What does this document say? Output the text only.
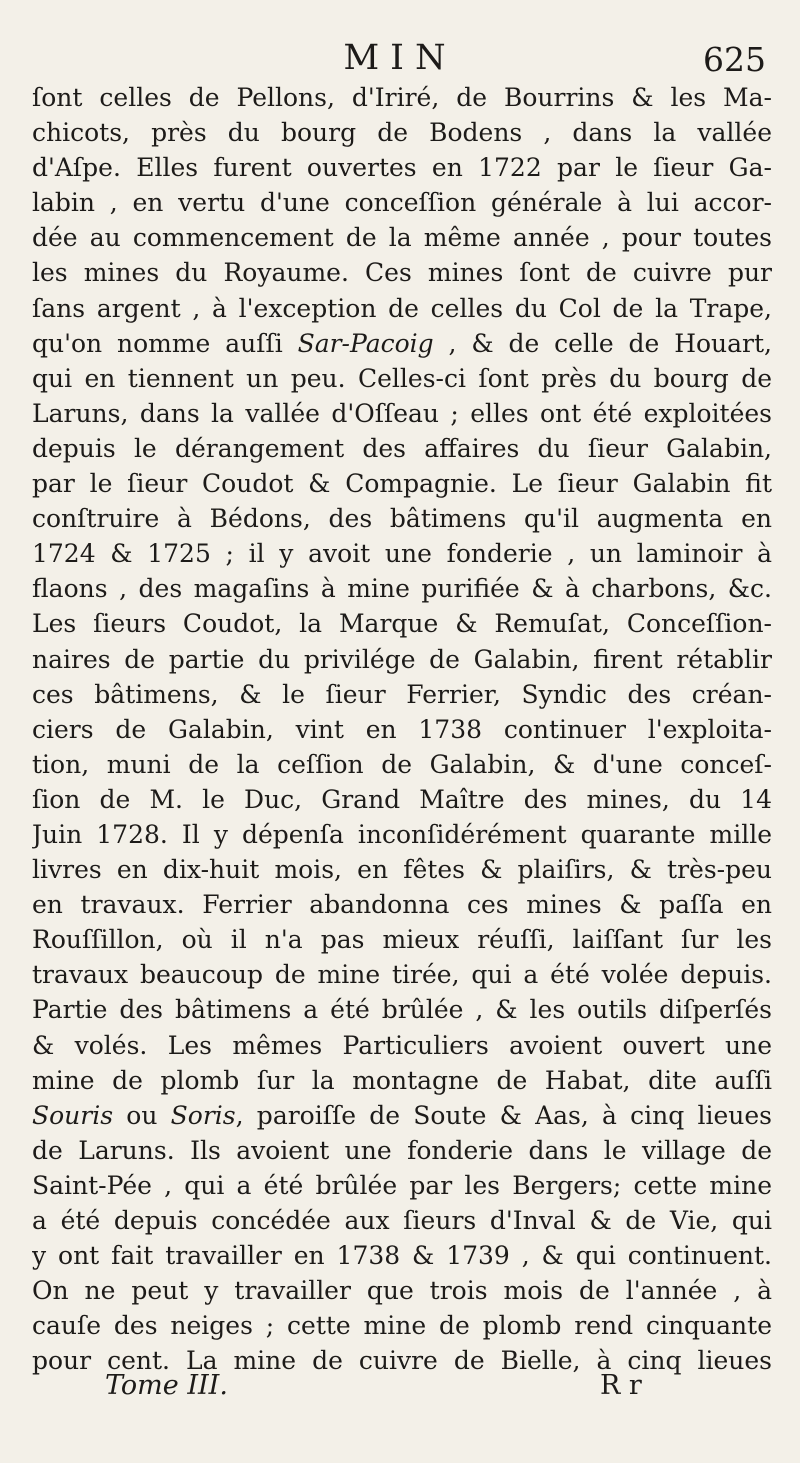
MIN	625
ſont celles de Pellons, d'Iriré, de Bourrins & les Ma-
chicots, près du bourg de Bodens , dans la vallée
d'Aſpe. Elles furent ouvertes en 1722 par le ſieur Ga-
labin , en vertu d'une conceſſion générale à lui accor-
dée au commencement de la même année , pour toutes
les mines du Royaume. Ces mines ſont de cuivre pur
ſans argent , à l'exception de celles du Col de la Trape,
qu'on nomme auſſi Sar-Pacoig , & de celle de Houart,
qui en tiennent un peu. Celles-ci ſont près du bourg de
Laruns, dans la vallée d'Oſſeau ; elles ont été exploitées
depuis le dérangement des affaires du ſieur Galabin,
par le ſieur Coudot & Compagnie. Le ſieur Galabin fit
conſtruire à Bédons, des bâtimens qu'il augmenta en
1724 & 1725 ; il y avoit une fonderie , un laminoir à
flaons , des magaſins à mine purifiée & à charbons, &c.
Les ſieurs Coudot, la Marque & Remuſat, Conceſſion-
naires de partie du privilége de Galabin, firent rétablir
ces bâtimens, & le ſieur Ferrier, Syndic des créan-
ciers de Galabin, vint en 1738 continuer l'exploita-
tion, muni de la ceſſion de Galabin, & d'une conceſ-
ſion de M. le Duc, Grand Maître des mines, du 14
Juin 1728. Il y dépenſa inconſidérément quarante mille
livres en dix-huit mois, en fêtes & plaiſirs, & très-peu
en travaux. Ferrier abandonna ces mines & paſſa en
Rouſſillon, où il n'a pas mieux réuſſi, laiſſant ſur les
travaux beaucoup de mine tirée, qui a été volée depuis.
Partie des bâtimens a été brûlée , & les outils diſperſés
& volés. Les mêmes Particuliers avoient ouvert une
mine de plomb ſur la montagne de Habat, dite auſſi
Souris ou Soris, paroiſſe de Soute & Aas, à cinq lieues
de Laruns. Ils avoient une fonderie dans le village de
Saint-Pée , qui a été brûlée par les Bergers; cette mine
a été depuis concédée aux ſieurs d'Inval & de Vie, qui
y ont fait travailler en 1738 & 1739 , & qui continuent.
On ne peut y travailler que trois mois de l'année , à
cauſe des neiges ; cette mine de plomb rend cinquante
pour cent. La mine de cuivre de Bielle, à cinq lieues
Tome III.	R r
